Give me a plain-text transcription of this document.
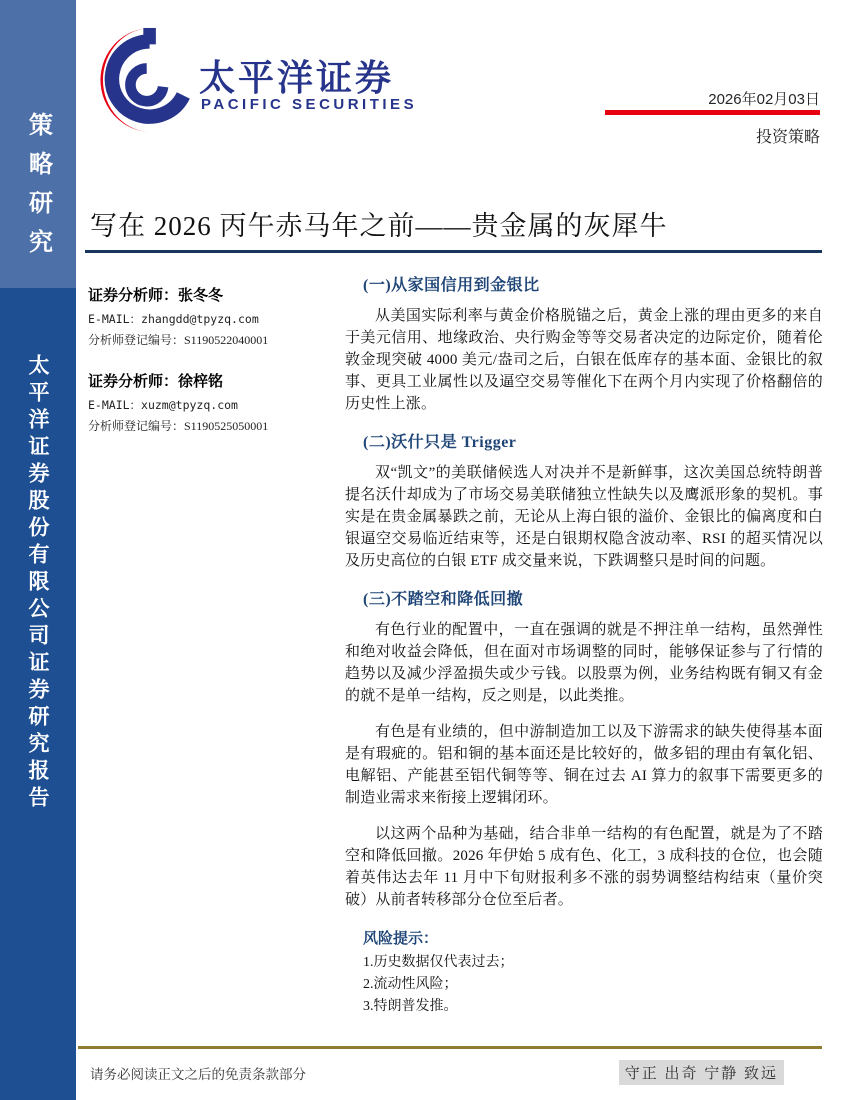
策略研究
太平洋证券股份有限公司证券研究报告
太平洋证券
PACIFIC SECURITIES	2026年02月03日
投资策略
写在 2026 丙午赤马年之前——贵金属的灰犀牛
证券分析师：张冬冬
E-MAIL：zhangdd@tpyzq.com
分析师登记编号：S1190522040001
证券分析师：徐梓铭
E-MAIL：xuzm@tpyzq.com
分析师登记编号：S1190525050001
(一)从家国信用到金银比

从美国实际利率与黄金价格脱锚之后，黄金上涨的理由更多的来自于美元信用、地缘政治、央行购金等等交易者决定的边际定价，随着伦敦金现突破 4000 美元/盎司之后，白银在低库存的基本面、金银比的叙事、更具工业属性以及逼空交易等催化下在两个月内实现了价格翻倍的历史性上涨。

(二)沃什只是 Trigger

双“凯文”的美联储候选人对决并不是新鲜事，这次美国总统特朗普提名沃什却成为了市场交易美联储独立性缺失以及鹰派形象的契机。事实是在贵金属暴跌之前，无论从上海白银的溢价、金银比的偏离度和白银逼空交易临近结束等，还是白银期权隐含波动率、RSI 的超买情况以及历史高位的白银 ETF 成交量来说，下跌调整只是时间的问题。

(三)不踏空和降低回撤

有色行业的配置中，一直在强调的就是不押注单一结构，虽然弹性和绝对收益会降低，但在面对市场调整的同时，能够保证参与了行情的趋势以及减少浮盈损失或少亏钱。以股票为例，业务结构既有铜又有金的就不是单一结构，反之则是，以此类推。

有色是有业绩的，但中游制造加工以及下游需求的缺失使得基本面是有瑕疵的。铝和铜的基本面还是比较好的，做多铝的理由有氧化铝、电解铝、产能甚至铝代铜等等、铜在过去 AI 算力的叙事下需要更多的制造业需求来衔接上逻辑闭环。

以这两个品种为基础，结合非单一结构的有色配置，就是为了不踏空和降低回撤。2026 年伊始 5 成有色、化工，3 成科技的仓位，也会随着英伟达去年 11 月中下旬财报利多不涨的弱势调整结构结束（量价突破）从前者转移部分仓位至后者。

风险提示：
1.历史数据仅代表过去；
2.流动性风险；
3.特朗普发推。
请务必阅读正文之后的免责条款部分	守正 出奇 宁静 致远
